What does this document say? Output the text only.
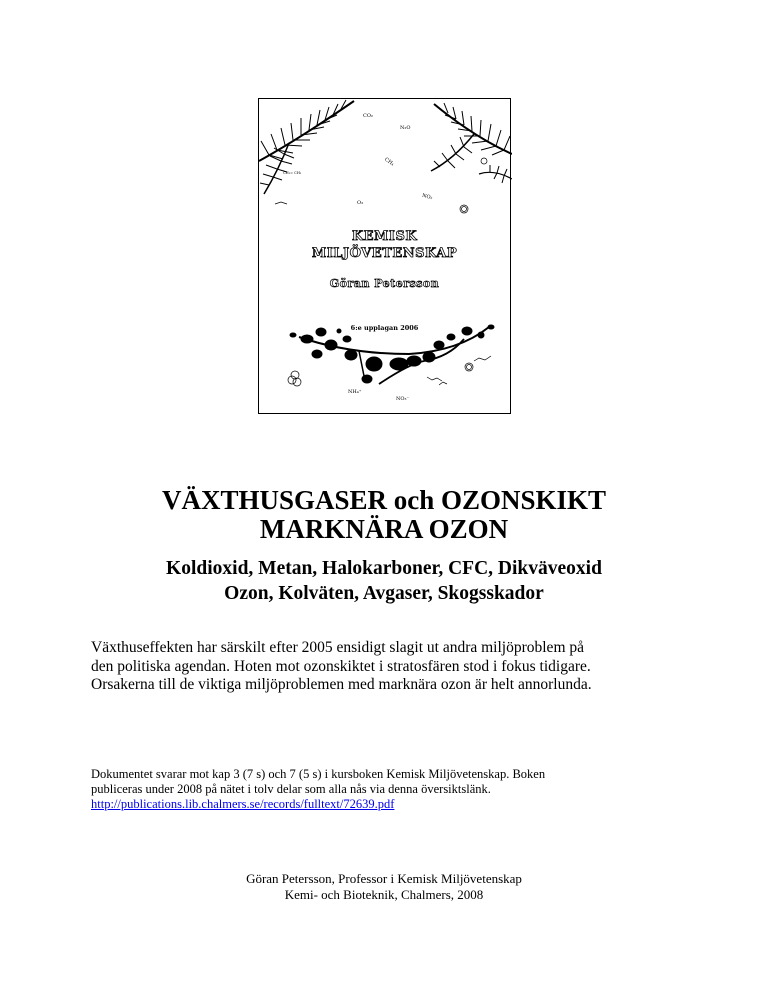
CO₂
N₂O
CH₄
CH₂= CH₂
O₃
NO₂
KEMISK
MILJÖVETENSKAP
Göran Petersson
6:e upplagan 2006
NH₄⁺
NO₃⁻
VÄXTHUSGASER och OZONSKIKT
MARKNÄRA OZON
Koldioxid, Metan, Halokarboner, CFC, Dikväveoxid
Ozon, Kolväten, Avgaser, Skogsskador

Växthuseffekten har särskilt efter 2005 ensidigt slagit ut andra miljöproblem på

den politiska agendan. Hoten mot ozonskiktet i stratosfären stod i fokus tidigare.

Orsakerna till de viktiga miljöproblemen med marknära ozon är helt annorlunda.

Dokumentet svarar mot kap 3 (7 s) och 7 (5 s) i kursboken Kemisk Miljövetenskap. Boken

publiceras under 2008 på nätet i tolv delar som alla nås via denna översiktslänk.

http://publications.lib.chalmers.se/records/fulltext/72639.pdf

Göran Petersson, Professor i Kemisk Miljövetenskap
Kemi- och Bioteknik, Chalmers, 2008
